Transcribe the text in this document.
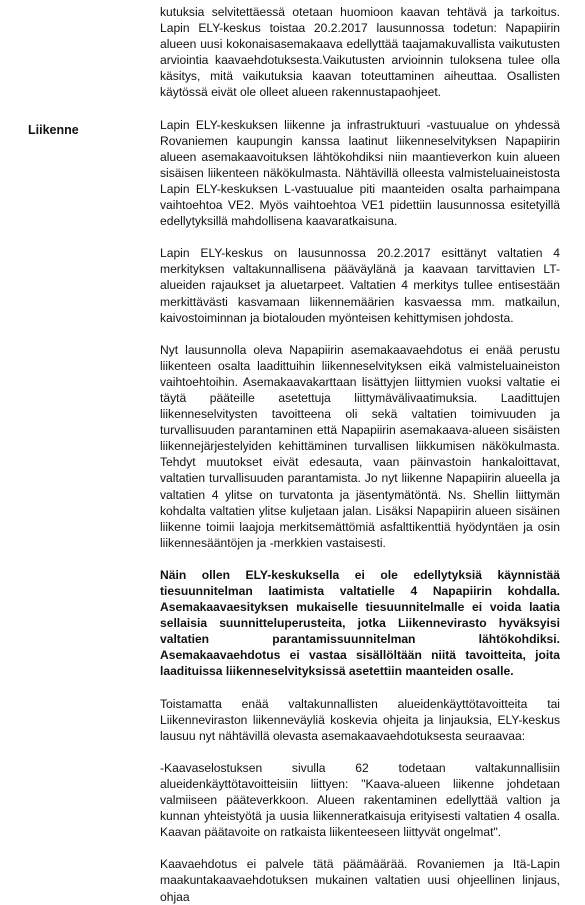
Liikenne

kutuksia selvitettäessä otetaan huomioon kaavan tehtävä ja tarkoitus. Lapin ELY-keskus toistaa 20.2.2017 lausunnossa todetun: Napapiirin alueen uusi kokonaisasemakaava edellyttää taajamakuvallista vaikutusten arviointia kaavaehdotuksesta.Vaikutusten arvioinnin tuloksena tulee olla käsitys, mitä vaikutuksia kaavan toteuttaminen aiheuttaa. Osallisten käytössä eivät ole olleet alueen rakennustapaohjeet.

Lapin ELY-keskuksen liikenne ja infrastruktuuri -vastuualue on yhdessä Rovaniemen kaupungin kanssa laatinut liikenneselvityksen Napapiirin alueen asemakaavoituksen lähtökohdiksi niin maantieverkon kuin alueen sisäisen liikenteen näkökulmasta. Nähtävillä olleesta valmisteluaineistosta Lapin ELY-keskuksen L-vastuualue piti maanteiden osalta parhaimpana vaihtoehtoa VE2. Myös vaihtoehtoa VE1 pidettiin lausunnossa esitetyillä edellytyksillä mahdollisena kaavaratkaisuna.

Lapin ELY-keskus on lausunnossa 20.2.2017 esittänyt valtatien 4 merkityksen valtakunnallisena pääväylänä ja kaavaan tarvittavien LT-alueiden rajaukset ja aluetarpeet. Valtatien 4 merkitys tullee entisestään merkittävästi kasvamaan liikennemäärien kasvaessa mm. matkailun, kaivostoiminnan ja biotalouden myönteisen kehittymisen johdosta.

Nyt lausunnolla oleva Napapiirin asemakaavaehdotus ei enää perustu liikenteen osalta laadittuihin liikenneselvityksen eikä valmisteluaineiston vaihtoehtoihin. Asemakaavakarttaan lisättyjen liittymien vuoksi valtatie ei täytä pääteille asetettuja liittymävälivaatimuksia. Laadittujen liikenneselvitysten tavoitteena oli sekä valtatien toimivuuden ja turvallisuuden parantaminen että Napapiirin asemakaava-alueen sisäisten liikennejärjestelyiden kehittäminen turvallisen liikkumisen näkökulmasta. Tehdyt muutokset eivät edesauta, vaan päinvastoin hankaloittavat, valtatien turvallisuuden parantamista. Jo nyt liikenne Napapiirin alueella ja valtatien 4 ylitse on turvatonta ja jäsentymätöntä. Ns. Shellin liittymän kohdalta valtatien ylitse kuljetaan jalan. Lisäksi Napapiirin alueen sisäinen liikenne toimii laajoja merkitsemättömiä asfalttikenttiä hyödyntäen ja osin liikennesääntöjen ja -merkkien vastaisesti.

Näin ollen ELY-keskuksella ei ole edellytyksiä käynnistää tiesuunnitelman laatimista valtatielle 4 Napapiirin kohdalla. Asemakaavaesityksen mukaiselle tiesuunnitelmalle ei voida laatia sellaisia suunnitteluperusteita, jotka Liikennevirasto hyväksyisi valtatien parantamissuunnitelman lähtökohdiksi. Asemakaavaehdotus ei vastaa sisällöltään niitä tavoitteita, joita laadituissa liikenneselvityksissä asetettiin maanteiden osalle.

Toistamatta enää valtakunnallisten alueidenkäyttötavoitteita tai Liikenneviraston liikenneväyliä koskevia ohjeita ja linjauksia, ELY-keskus lausuu nyt nähtävillä olevasta asemakaavaehdotuksesta seuraavaa:

-Kaavaselostuksen sivulla 62 todetaan valtakunnallisiin alueidenkäyttötavoitteisiin liittyen: "Kaava-alueen liikenne johdetaan valmiiseen pääteverkkoon. Alueen rakentaminen edellyttää valtion ja kunnan yhteistyötä ja uusia liikenneratkaisuja erityisesti valtatien 4 osalla. Kaavan päätavoite on ratkaista liikenteeseen liittyvät ongelmat".

Kaavaehdotus ei palvele tätä päämäärää. Rovaniemen ja Itä-Lapin maakuntakaavaehdotuksen mukainen valtatien uusi ohjeellinen linjaus, ohjaa
